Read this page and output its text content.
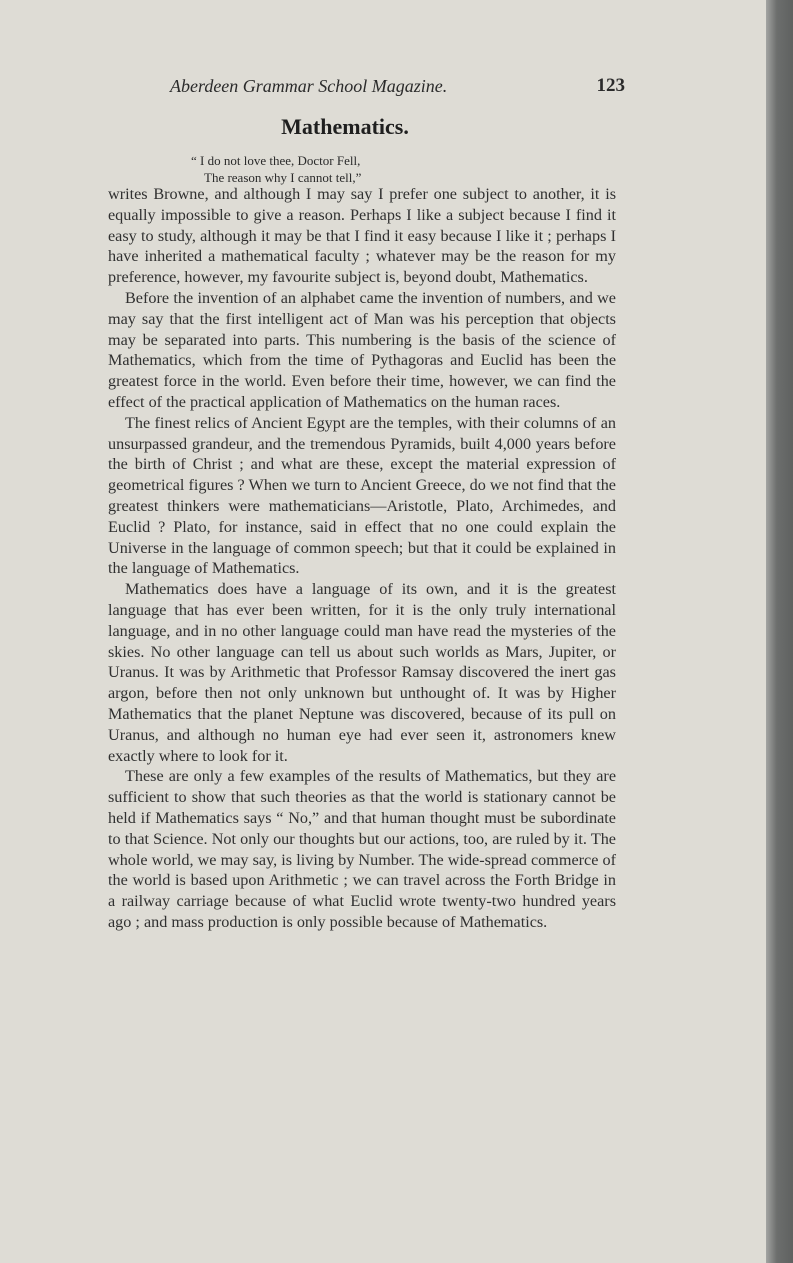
Aberdeen Grammar School Magazine.	123
Mathematics.
“ I do not love thee, Doctor Fell,
The reason why I cannot tell,”

writes Browne, and although I may say I prefer one subject to another, it is equally impossible to give a reason. Perhaps I like a subject because I find it easy to study, although it may be that I find it easy because I like it ; perhaps I have inherited a mathematical faculty ; whatever may be the reason for my preference, however, my favourite subject is, beyond doubt, Mathematics.

Before the invention of an alphabet came the invention of numbers, and we may say that the first intelligent act of Man was his perception that objects may be separated into parts. This numbering is the basis of the science of Mathematics, which from the time of Pythagoras and Euclid has been the greatest force in the world. Even before their time, however, we can find the effect of the practical application of Mathematics on the human races.

The finest relics of Ancient Egypt are the temples, with their columns of an unsurpassed grandeur, and the tremendous Pyramids, built 4,000 years before the birth of Christ ; and what are these, except the material expression of geometrical figures ? When we turn to Ancient Greece, do we not find that the greatest thinkers were mathematicians—Aristotle, Plato, Archimedes, and Euclid ? Plato, for instance, said in effect that no one could explain the Universe in the language of common speech; but that it could be explained in the language of Mathematics.

Mathematics does have a language of its own, and it is the greatest language that has ever been written, for it is the only truly international language, and in no other language could man have read the mysteries of the skies. No other language can tell us about such worlds as Mars, Jupiter, or Uranus. It was by Arithmetic that Professor Ramsay discovered the inert gas argon, before then not only unknown but unthought of. It was by Higher Mathematics that the planet Neptune was discovered, because of its pull on Uranus, and although no human eye had ever seen it, astronomers knew exactly where to look for it.

These are only a few examples of the results of Mathematics, but they are sufficient to show that such theories as that the world is stationary cannot be held if Mathematics says “ No,” and that human thought must be subordinate to that Science. Not only our thoughts but our actions, too, are ruled by it. The whole world, we may say, is living by Number. The wide-spread commerce of the world is based upon Arithmetic ; we can travel across the Forth Bridge in a railway carriage because of what Euclid wrote twenty-two hundred years ago ; and mass production is only possible because of Mathematics.
